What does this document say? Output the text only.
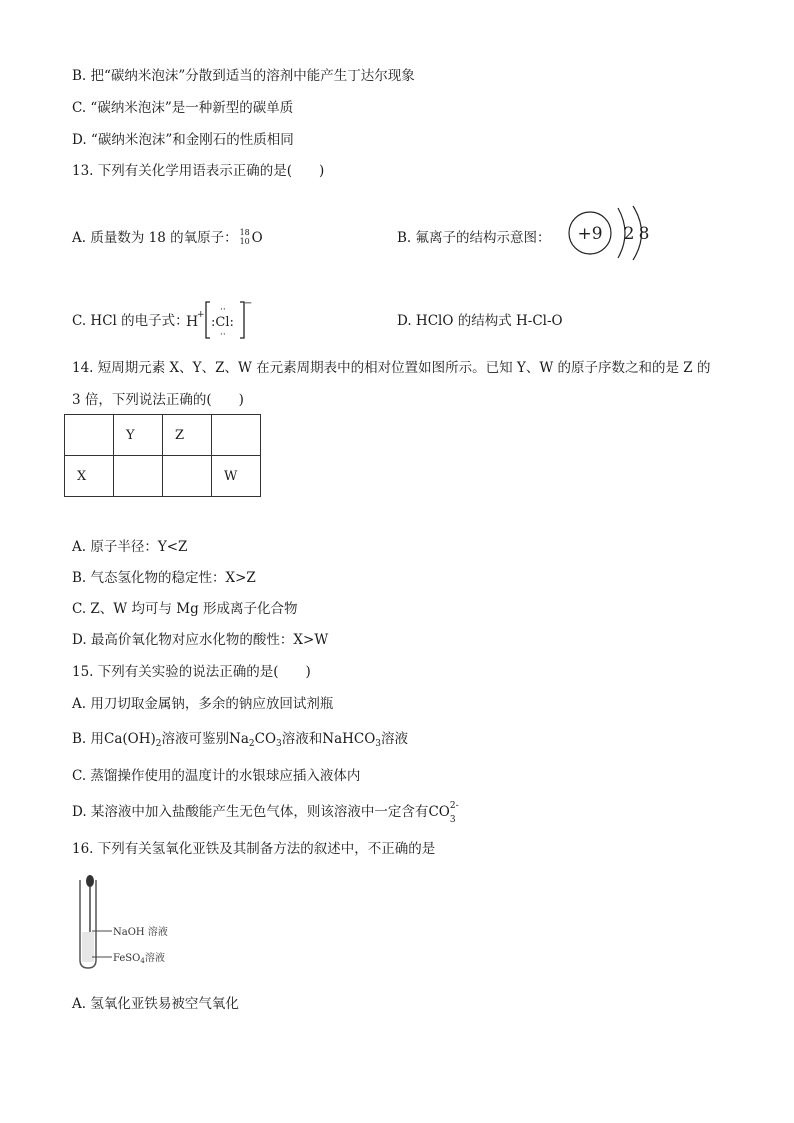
B. 把“碳纳米泡沫”分散到适当的溶剂中能产生丁达尔现象
C. “碳纳米泡沫”是一种新型的碳单质
D. “碳纳米泡沫”和金刚石的性质相同
13. 下列有关化学用语表示正确的是(　　)
A. 质量数为 18 的氧原子： 18
10 O	B. 氟离子的结构示意图： +9 2 8
C. HCl 的电子式：
H
+ :Cl:
··
··
−
D. HClO 的结构式 H-Cl-O
14. 短周期元素 X、Y、Z、W 在元素周期表中的相对位置如图所示。已知 Y、W 的原子序数之和的是 Z 的
3 倍，下列说法正确的(　　)
	Y	Z	
X			W
A. 原子半径：Y<Z
B. 气态氢化物的稳定性：X>Z
C. Z、W 均可与 Mg 形成离子化合物
D. 最高价氧化物对应水化物的酸性：X>W
15. 下列有关实验的说法正确的是(　　)
A. 用刀切取金属钠，多余的钠应放回试剂瓶
B. 用$Ca(OH)_2$溶液可鉴别$Na_2CO_3$溶液和NaHCO$_3$溶液
C. 蒸馏操作使用的温度计的水银球应插入液体内
D. 某溶液中加入盐酸能产生无色气体，则该溶液中一定含有CO 3
2-
16. 下列有关氢氧化亚铁及其制备方法的叙述中，不正确的是
NaOH 溶液
FeSO$_4$溶液
A. 氢氧化亚铁易被空气氧化
